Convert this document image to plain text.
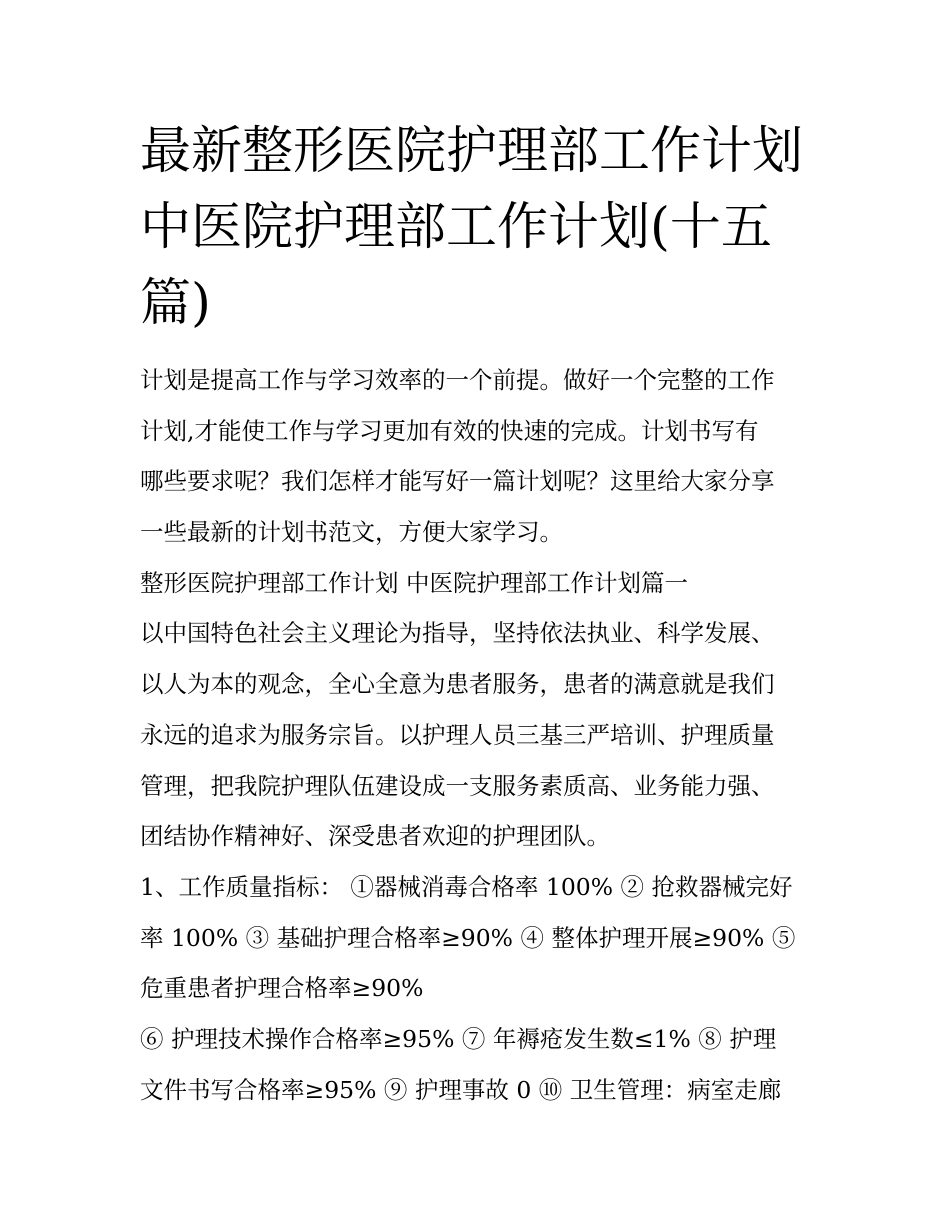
最新整形医院护理部工作计划
中医院护理部工作计划(十五
篇)
计划是提高工作与学习效率的一个前提。做好一个完整的工作
计划,才能使工作与学习更加有效的快速的完成。计划书写有
哪些要求呢？我们怎样才能写好一篇计划呢？这里给大家分享
一些最新的计划书范文，方便大家学习。
整形医院护理部工作计划 中医院护理部工作计划篇一
以中国特色社会主义理论为指导，坚持依法执业、科学发展、
以人为本的观念，全心全意为患者服务，患者的满意就是我们
永远的追求为服务宗旨。以护理人员三基三严培训、护理质量
管理，把我院护理队伍建设成一支服务素质高、业务能力强、
团结协作精神好、深受患者欢迎的护理团队。
1、工作质量指标： ①器械消毒合格率 100% ② 抢救器械完好
率 100% ③ 基础护理合格率≥90% ④ 整体护理开展≥90% ⑤
危重患者护理合格率≥90%
⑥ 护理技术操作合格率≥95% ⑦ 年褥疮发生数≤1% ⑧ 护理
文件书写合格率≥95% ⑨ 护理事故 0 ⑩ 卫生管理：病室走廊
